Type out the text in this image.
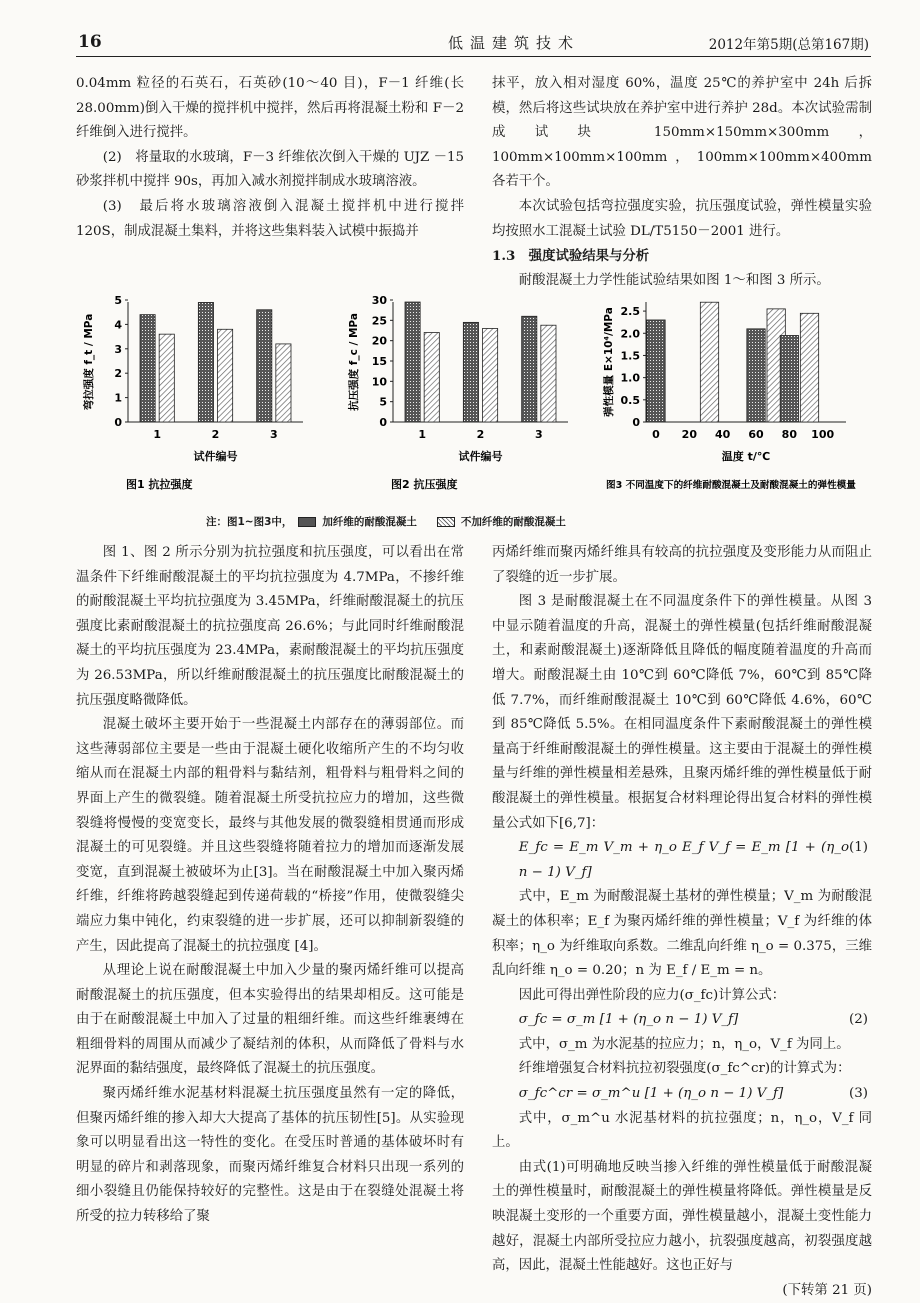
16	低温建筑技术	2012年第5期(总第167期)

0.04mm 粒径的石英石，石英砂(10～40 目)，F－1 纤维(长 28.00mm)倒入干燥的搅拌机中搅拌，然后再将混凝土粉和 F－2 纤维倒入进行搅拌。

(2)　将量取的水玻璃，F－3 纤维依次倒入干燥的 UJZ －15 砂浆拌机中搅拌 90s，再加入减水剂搅拌制成水玻璃溶液。

(3)　最后将水玻璃溶液倒入混凝土搅拌机中进行搅拌 120S，制成混凝土集料，并将这些集料装入试模中振捣并

抹平，放入相对湿度 60%，温度 25℃的养护室中 24h 后拆模，然后将这些试块放在养护室中进行养护 28d。本次试验需制成试块 150mm×150mm×300mm，100mm×100mm×100mm，100mm×100mm×400mm 各若干个。

本次试验包括弯拉强度实验，抗压强度试验，弹性模量实验均按照水工混凝土试验 DL/T5150－2001 进行。

1.3　强度试验结果与分析

耐酸混凝土力学性能试验结果如图 1～和图 3 所示。

0
1
2
3
4
5
弯拉强度 f_t / MPa
1	2	3
试件编号
图1 抗拉强度
0
5
10
15
20
25
30
抗压强度 f_c / MPa
1	2	3
试件编号
图2 抗压强度
0
0.5
1.0
1.5
2.0
2.5
弹性模量 E×10⁴/MPa
0 20 40 60 80 100
温度 t/℃
图3 不同温度下的纤维耐酸混凝土及耐酸混凝土的弹性模量
注：图1~图3中，	加纤维的耐酸混凝土	不加纤维的耐酸混凝土

图 1、图 2 所示分别为抗拉强度和抗压强度，可以看出在常温条件下纤维耐酸混凝土的平均抗拉强度为 4.7MPa，不掺纤维的耐酸混凝土平均抗拉强度为 3.45MPa，纤维耐酸混凝土的抗压强度比素耐酸混凝土的抗拉强度高 26.6%；与此同时纤维耐酸混凝土的平均抗压强度为 23.4MPa，素耐酸混凝土的平均抗压强度为 26.53MPa，所以纤维耐酸混凝土的抗压强度比耐酸混凝土的抗压强度略微降低。

混凝土破坏主要开始于一些混凝土内部存在的薄弱部位。而这些薄弱部位主要是一些由于混凝土硬化收缩所产生的不均匀收缩从而在混凝土内部的粗骨料与黏结剂，粗骨料与粗骨料之间的界面上产生的微裂缝。随着混凝土所受抗拉应力的增加，这些微裂缝将慢慢的变宽变长，最终与其他发展的微裂缝相贯通而形成混凝土的可见裂缝。并且这些裂缝将随着拉力的增加而逐渐发展变宽，直到混凝土被破坏为止[3]。当在耐酸混凝土中加入聚丙烯纤维，纤维将跨越裂缝起到传递荷载的“桥接”作用，使微裂缝尖端应力集中钝化，约束裂缝的进一步扩展，还可以抑制新裂缝的产生，因此提高了混凝土的抗拉强度 [4]。

从理论上说在耐酸混凝土中加入少量的聚丙烯纤维可以提高耐酸混凝土的抗压强度，但本实验得出的结果却相反。这可能是由于在耐酸混凝土中加入了过量的粗细纤维。而这些纤维裹缚在粗细骨料的周围从而减少了凝结剂的体积，从而降低了骨料与水泥界面的黏结强度，最终降低了混凝土的抗压强度。

聚丙烯纤维水泥基材料混凝土抗压强度虽然有一定的降低，但聚丙烯纤维的掺入却大大提高了基体的抗压韧性[5]。从实验现象可以明显看出这一特性的变化。在受压时普通的基体破坏时有明显的碎片和剥落现象，而聚丙烯纤维复合材料只出现一系列的细小裂缝且仍能保持较好的完整性。这是由于在裂缝处混凝土将所受的拉力转移给了聚

丙烯纤维而聚丙烯纤维具有较高的抗拉强度及变形能力从而阻止了裂缝的近一步扩展。

图 3 是耐酸混凝土在不同温度条件下的弹性模量。从图 3 中显示随着温度的升高，混凝土的弹性模量(包括纤维耐酸混凝土，和素耐酸混凝土)逐渐降低且降低的幅度随着温度的升高而增大。耐酸混凝土由 10℃到 60℃降低 7%，60℃到 85℃降低 7.7%，而纤维耐酸混凝土 10℃到 60℃降低 4.6%，60℃到 85℃降低 5.5%。在相同温度条件下素耐酸混凝土的弹性模量高于纤维耐酸混凝土的弹性模量。这主要由于混凝土的弹性模量与纤维的弹性模量相差悬殊，且聚丙烯纤维的弹性模量低于耐酸混凝土的弹性模量。根据复合材料理论得出复合材料的弹性模量公式如下[6,7]：

E_fc = E_m V_m + η_o E_f V_f = E_m [1 + (η_o n − 1) V_f]
(1)

式中，E_m 为耐酸混凝土基材的弹性模量；V_m 为耐酸混凝土的体积率；E_f 为聚丙烯纤维的弹性模量；V_f 为纤维的体积率；η_o 为纤维取向系数。二维乱向纤维 η_o = 0.375，三维乱向纤维 η_o = 0.20；n 为 E_f / E_m = n。

因此可得出弹性阶段的应力(σ_fc)计算公式：

σ_fc = σ_m [1 + (η_o n − 1) V_f]	(2)

式中，σ_m 为水泥基的拉应力；n，η_o，V_f 为同上。

纤维增强复合材料抗拉初裂强度(σ_fc^cr)的计算式为：

σ_fc^cr = σ_m^u [1 + (η_o n − 1) V_f]	(3)

式中，σ_m^u 水泥基材料的抗拉强度；n，η_o，V_f 同上。

由式(1)可明确地反映当掺入纤维的弹性模量低于耐酸混凝土的弹性模量时，耐酸混凝土的弹性模量将降低。弹性模量是反映混凝土变形的一个重要方面，弹性模量越小，混凝土变性能力越好，混凝土内部所受拉应力越小，抗裂强度越高，初裂强度越高，因此，混凝土性能越好。这也正好与

(下转第 21 页)
